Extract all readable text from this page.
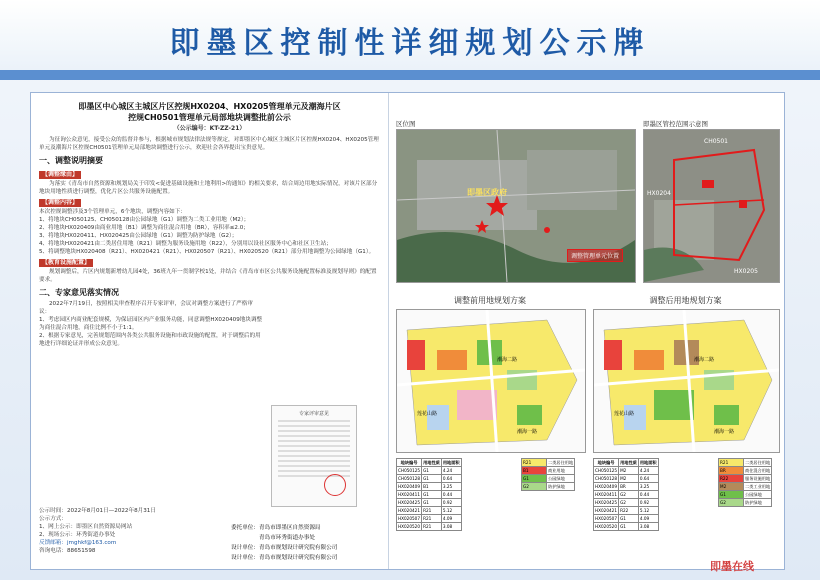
即墨区控制性详细规划公示牌
即墨区中心城区主城区片区控规HX0204、HX0205管理单元及潮海片区
控规CH0501管理单元局部地块调整批前公示
（公示编号：KT-ZZ-21）

为征询公众意见，接受公众的监督并参与，根据城市规划法律法规等规定，对即墨区中心城区主城区片区控规HX0204、HX0205管理单元及潮海片区控规CH0501管理单元局部地块调整进行公示，欢迎社会各界提出宝贵意见。

一、调整说明摘要
【调整缘由】

为落实《青岛市自然资源和规划局关于印发<促进基础设施和土地利用>的通知》的相关要求，结合周边用地实际情况，对该片区部分地块用地性质进行调整，优化片区公共服务设施配置。

【调整内容】

本次控规调整涉及3个管理单元，6个地块，调整内容如下：

1、将地块CH050125、CH050128由公园绿地（G1）调整为二类工业用地（M2）；

2、将地块HX020409由商业用地（B1）调整为商住混合用地（BR），容积率≤2.0；

3、将地块HX020411、HX020425由公园绿地（G1）调整为防护绿地（G2）；

4、将地块HX020421由二类居住用地（R21）调整为服务设施用地（R22），分别用以设社区服务中心和社区卫生站；

5、将调整地块HX020408（R21）、HX020421（R21）、HX020507（R21）、HX020520（R21）部分用地调整为公园绿地（G1）。

【教育设施配置】

规划调整后，片区内规划新增幼儿园4处，36班九年一贯制学校1处，并结合《青岛市市区公共服务设施配置标准及规划导则》的配置要求。

二、专家意见落实情况

2022年7月19日，按照相关审查程序召开专家评审，会议对调整方案进行了严格审议：

1、考虑园区内商业配套规模，为保证园区内产业服务功能，同意调整HX020409地块调整为商住混合用地，商住比例不小于1:1。

2、根据专家意见，完善规划范围内各类公共服务设施和市政设施的配置，对于调整后的用地进行详细论证并形成公众意见。

公示时间：2022年8月01日—2022年8月31日
公示方式：
1、网上公示：即墨区自然资源局网站
2、现场公示：环秀街道办事处
反馈邮箱：jmghkf@163.com
咨询电话：88651598
专家评审意见
委托单位：青岛市即墨区自然资源局
青岛市环秀街道办事处
设计单位：青岛市规划设计研究院有限公司
设计单位：青岛市规划设计研究院有限公司
区位图
即墨区政府
调整管理单元位置
即墨区管控范围示意图
CH0501
HX0204
HX0205
调整前用地规划方案
潮海二路
莲花山路
潮海一路
调整后用地规划方案
潮海二路
莲花山路
潮海一路
地块编号	用地性质	用地面积
CH050125	G1	4.24
CH050128	G1	0.64
HX020409	B1	3.25
HX020411	G1	0.44
HX020425	G1	0.92
HX020421	R21	5.12
HX020507	R21	4.09
HX020520	R21	3.08
R21	二类居住用地
B1	商业用地
G1	公园绿地
G2	防护绿地
地块编号	用地性质	用地面积
CH050125	M2	4.24
CH050128	M2	0.64
HX020409	BR	3.25
HX020411	G2	0.44
HX020425	G2	0.92
HX020421	R22	5.12
HX020507	G1	4.09
HX020520	G1	3.08
R21	二类居住用地
BR	商住混合用地
R22	服务设施用地
M2	二类工业用地
G1	公园绿地
G2	防护绿地
即墨在线
